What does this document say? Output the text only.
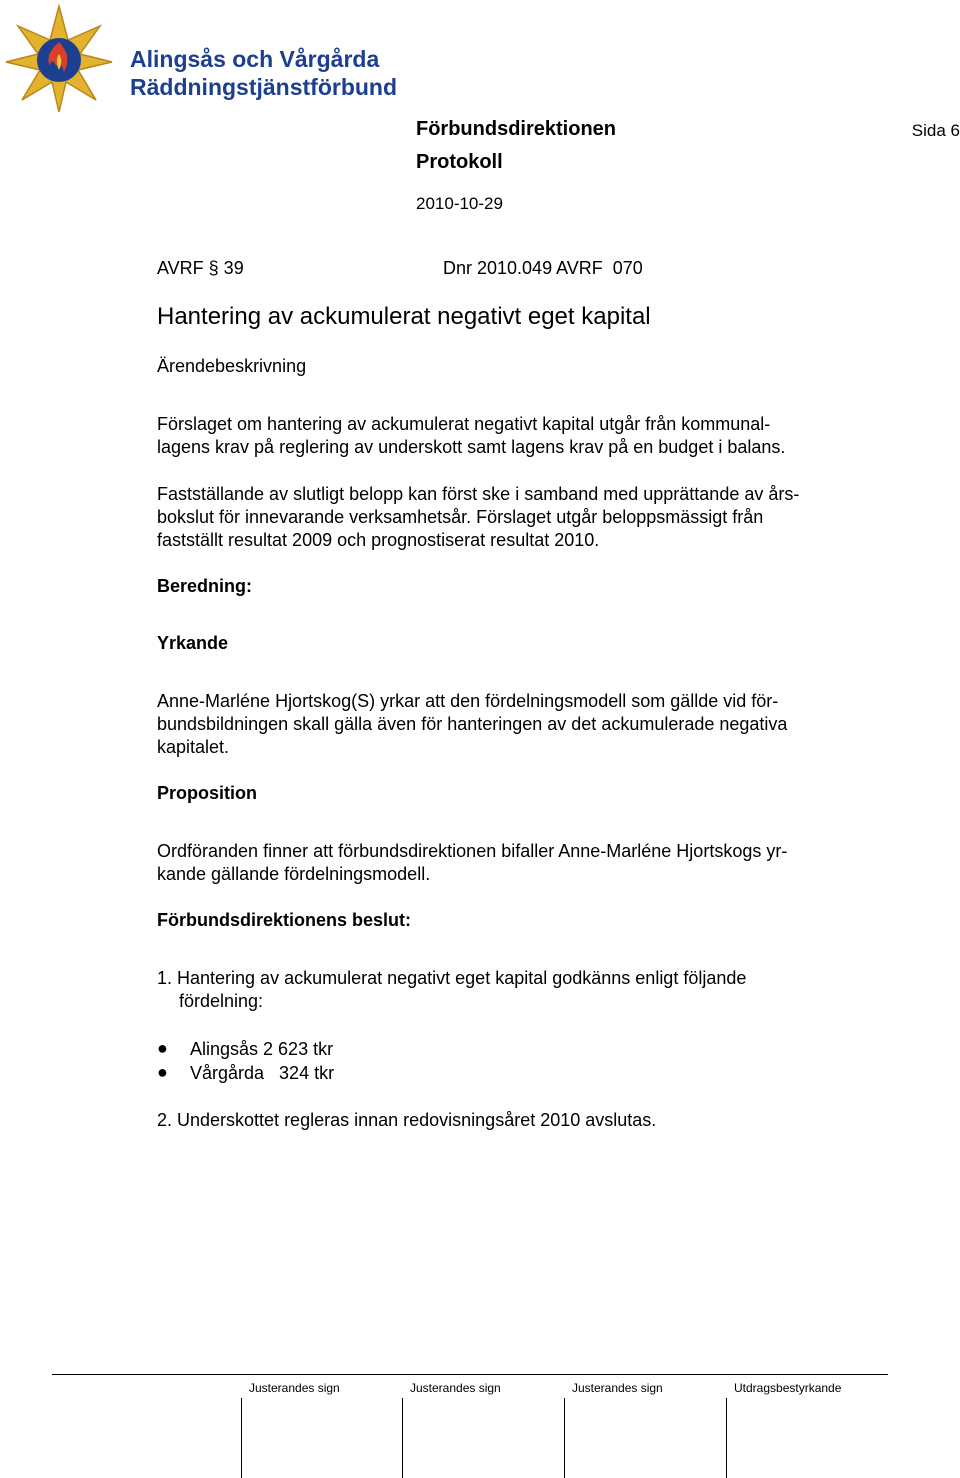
Alingsås och Vårgårda
Räddningstjänstförbund
Förbundsdirektionen	Sida 6
Protokoll
2010-10-29
AVRF § 39	Dnr 2010.049 AVRF  070
Hantering av ackumulerat negativt eget kapital
Ärendebeskrivning
Förslaget om hantering av ackumulerat negativt kapital utgår från kommunal-
lagens krav på reglering av underskott samt lagens krav på en budget i balans.
Fastställande av slutligt belopp kan först ske i samband med upprättande av års-
bokslut för innevarande verksamhetsår. Förslaget utgår beloppsmässigt från
fastställt resultat 2009 och prognostiserat resultat 2010.
Beredning:
Yrkande
Anne-Marléne Hjortskog(S) yrkar att den fördelningsmodell som gällde vid för-
bundsbildningen skall gälla även för hanteringen av det ackumulerade negativa
kapitalet.
Proposition
Ordföranden finner att förbundsdirektionen bifaller Anne-Marléne Hjortskogs yr-
kande gällande fördelningsmodell.
Förbundsdirektionens beslut:
1. Hantering av ackumulerat negativt eget kapital godkänns enligt följande
fördelning:
● Alingsås 2 623 tkr
● Vårgårda   324 tkr
2. Underskottet regleras innan redovisningsåret 2010 avslutas.
Justerandes sign	Justerandes sign	Justerandes sign	Utdragsbestyrkande
